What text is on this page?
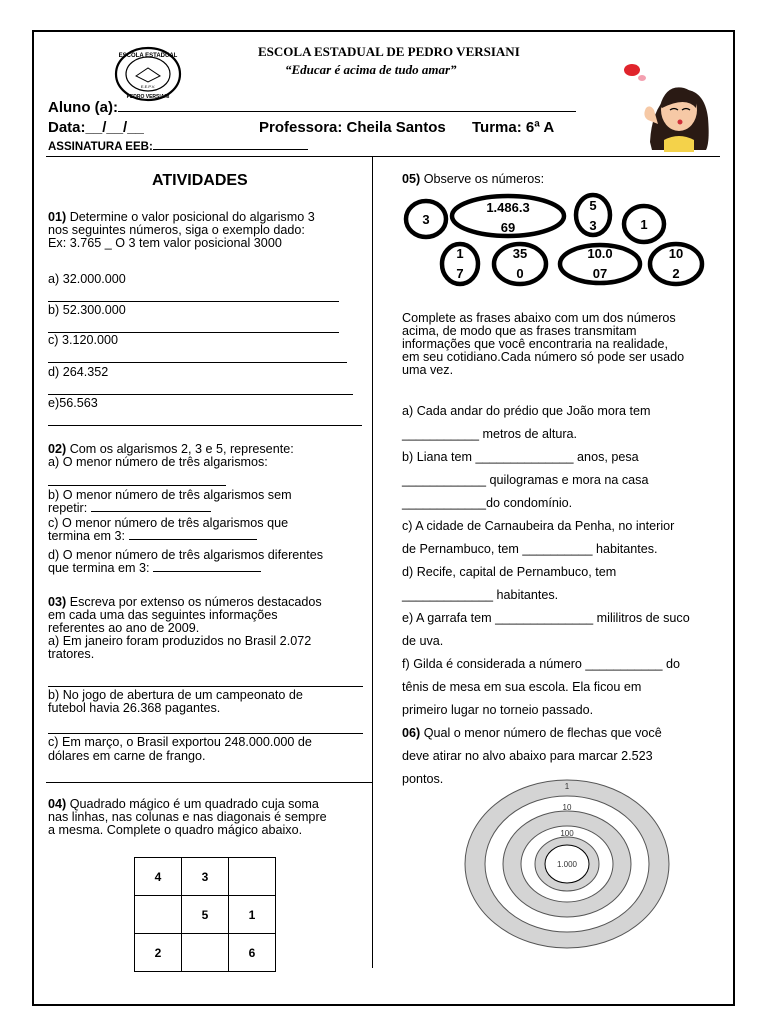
ESCOLA ESTADUAL
PEDRO VERSIANI
E.E.P.V.
ESCOLA ESTADUAL DE PEDRO VERSIANI
“Educar é acima de tudo amar”
Aluno (a):
Data:__/__/__	Professora: Cheila Santos Turma: 6ª A
ASSINATURA EEB:
ATIVIDADES
01) Determine o valor posicional do algarismo 3
nos seguintes números, siga o exemplo dado:
Ex: 3.765 _ O 3 tem valor posicional 3000
a) 32.000.000
b) 52.300.000
c) 3.120.000
d) 264.352
e)56.563
02) Com os algarismos 2, 3 e 5, represente:
a) O menor número de três algarismos:
b) O menor número de três algarismos sem
repetir:
c) O menor número de três algarismos que
termina em 3:
d) O menor número de três algarismos diferentes
que termina em 3:
03) Escreva por extenso os números destacados
em cada uma das seguintes informações
referentes ao ano de 2009.
a) Em janeiro foram produzidos no Brasil 2.072
tratores.
b) No jogo de abertura de um campeonato de
futebol havia 26.368 pagantes.
c) Em março, o Brasil exportou 248.000.000 de
dólares em carne de frango.
04) Quadrado mágico é um quadrado cuja soma
nas linhas, nas colunas e nas diagonais é sempre
a mesma. Complete o quadro mágico abaixo.
4	3	
	5	1
2		6
05) Observe os números:
3
1.486.3
69
5
3	1
1
7
35
0
10.0
07
10
2
Complete as frases abaixo com um dos números
acima, de modo que as frases transmitam
informações que você encontraria na realidade,
em seu cotidiano.Cada número só pode ser usado
uma vez.
a) Cada andar do prédio que João mora tem
___________ metros de altura.
b) Liana tem ______________ anos, pesa
____________ quilogramas e mora na casa
____________do condomínio.
c) A cidade de Carnaubeira da Penha, no interior
de Pernambuco, tem __________ habitantes.
d) Recife, capital de Pernambuco, tem
_____________ habitantes.
e) A garrafa tem ______________ mililitros de suco
de uva.
f) Gilda é considerada a número ___________ do
tênis de mesa em sua escola. Ela ficou em
primeiro lugar no torneio passado.
06) Qual o menor número de flechas que você
deve atirar no alvo abaixo para marcar 2.523
pontos.
1
10
100
1.000
